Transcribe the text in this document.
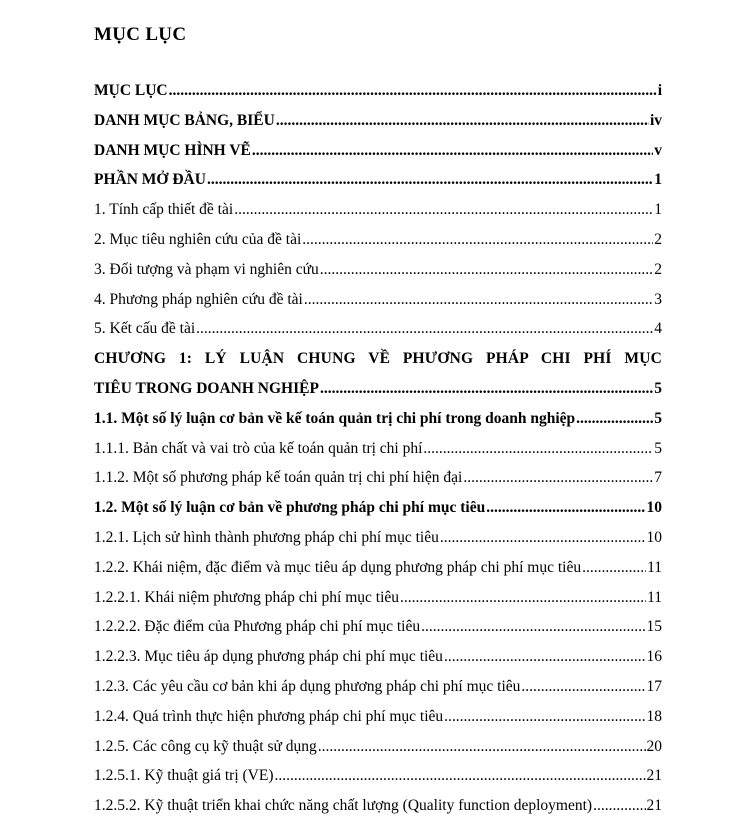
MỤC LỤC
MỤC LỤC .....	i
DANH MỤC BẢNG, BIỂU .....	iv
DANH MỤC HÌNH VẼ .....	v
PHẦN MỞ ĐẦU .....	1
1. Tính cấp thiết đề tài .....	1
2. Mục tiêu nghiên cứu của đề tài .....	2
3. Đối tượng và phạm vi nghiên cứu .....	2
4. Phương pháp nghiên cứu đề tài .....	3
5. Kết cấu đề tài .....	4
CHƯƠNG 1: LÝ LUẬN CHUNG VỀ PHƯƠNG PHÁP CHI PHÍ MỤC
TIÊU TRONG DOANH NGHIỆP .....	5
1.1. Một số lý luận cơ bản về kế toán quản trị chi phí trong doanh nghiệp .....	5
1.1.1. Bản chất và vai trò của kế toán quản trị chi phí .....	5
1.1.2. Một số phương pháp kế toán quản trị chi phí hiện đại .....	7
1.2. Một số lý luận cơ bản về phương pháp chi phí mục tiêu .....	10
1.2.1. Lịch sử hình thành phương pháp chi phí mục tiêu .....	10
1.2.2. Khái niệm, đặc điểm và mục tiêu áp dụng phương pháp chi phí mục tiêu .....	11
1.2.2.1. Khái niệm phương pháp chi phí mục tiêu .....	11
1.2.2.2. Đặc điểm của Phương pháp chi phí mục tiêu .....	15
1.2.2.3. Mục tiêu áp dụng phương pháp chi phí mục tiêu .....	16
1.2.3. Các yêu cầu cơ bản khi áp dụng phương pháp chi phí mục tiêu .....	17
1.2.4. Quá trình thực hiện phương pháp chi phí mục tiêu .....	18
1.2.5. Các công cụ kỹ thuật sử dụng .....	20
1.2.5.1. Kỹ thuật giá trị (VE) .....	21
1.2.5.2. Kỹ thuật triển khai chức năng chất lượng (Quality function deployment) .....	21
